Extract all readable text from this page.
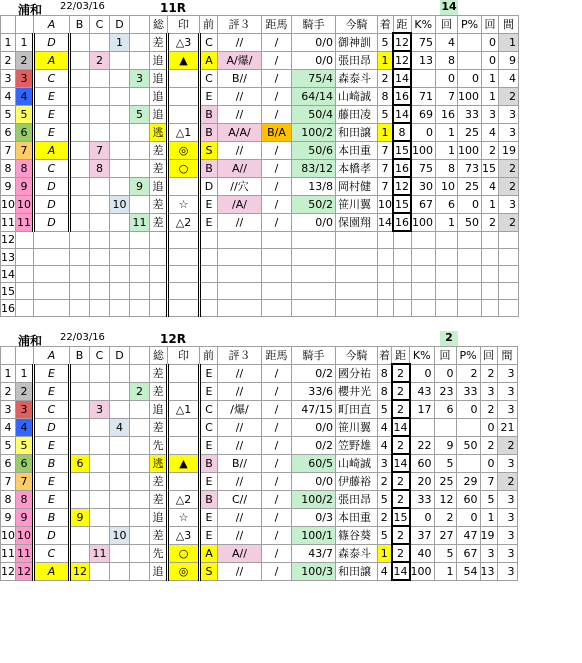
浦和 22/03/16	11R	14
		A	B	C	D		総	印	前	評３	距馬	騎手	今騎	着	距	K%	回	P%	回	間
1	1	D			1		差	△3	C	//	/	0/0	御神訓	5	12	75	4		0	1
2	2	A		2			追	▲	A	A/爆/	/	0/0	張田昂	1	12	13	8		0	9
3	3	C				3	追		C	B//	/	75/4	森泰斗	2	14		0	0	1	4
4	4	E					追		E	//	/	64/14	山崎誠	8	16	71	7	100	1	2
5	5	E				5	追		B	//	/	50/4	藤田凌	5	14	69	16	33	3	3
6	6	E					逃	△1	B	A/A/	B/A	100/2	和田譲	1	8	0	1	25	4	3
7	7	A		7			差	◎	S	//	/	50/6	本田重	7	15	100	1	100	2	19
8	8	C		8			差	○	B	A//	/	83/12	本橋孝	7	16	75	8	73	15	2
9	9	D				9	追		D	//穴	/	13/8	岡村健	7	12	30	10	25	4	2
10	10	D			10		差	☆	E	/A/	/	50/2	笹川翼	10	15	67	6	0	1	3
11	11	D				11	差	△2	E	//	/	0/0	保園翔	14	16	100	1	50	2	2
12																				
13																				
14																				
15																				
16																				
浦和 22/03/16	12R	2
		A	B	C	D		総	印	前	評３	距馬	騎手	今騎	着	距	K%	回	P%	回	間
1	1	E					差		E	//	/	0/2	國分祐	8	2	0	0	2	2	3
2	2	E				2	差		E	//	/	33/6	櫻井光	8	2	43	23	33	3	3
3	3	C		3			追	△1	C	/爆/	/	47/15	町田直	5	2	17	6	0	2	3
4	4	D			4		差		C	//	/	0/0	笹川翼	4	14				0	21
5	5	E					先		E	//	/	0/2	笠野雄	4	2	22	9	50	2	2
6	6	B	6				逃	▲	B	B//	/	60/5	山崎誠	3	14	60	5		0	3
7	7	E					差		E	//	/	0/0	伊藤裕	2	2	20	25	29	7	2
8	8	E					差	△2	B	C//	/	100/2	張田昂	5	2	33	12	60	5	3
9	9	B	9				追	☆	E	//	/	0/3	本田重	2	15	0	2	0	1	3
10	10	D			10		差	△3	E	//	/	100/1	篠谷葵	5	2	37	27	47	19	3
11	11	C		11			先	○	A	A//	/	43/7	森泰斗	1	2	40	5	67	3	3
12	12	A	12				追	◎	S	//	/	100/3	和田譲	4	14	100	1	54	13	3
